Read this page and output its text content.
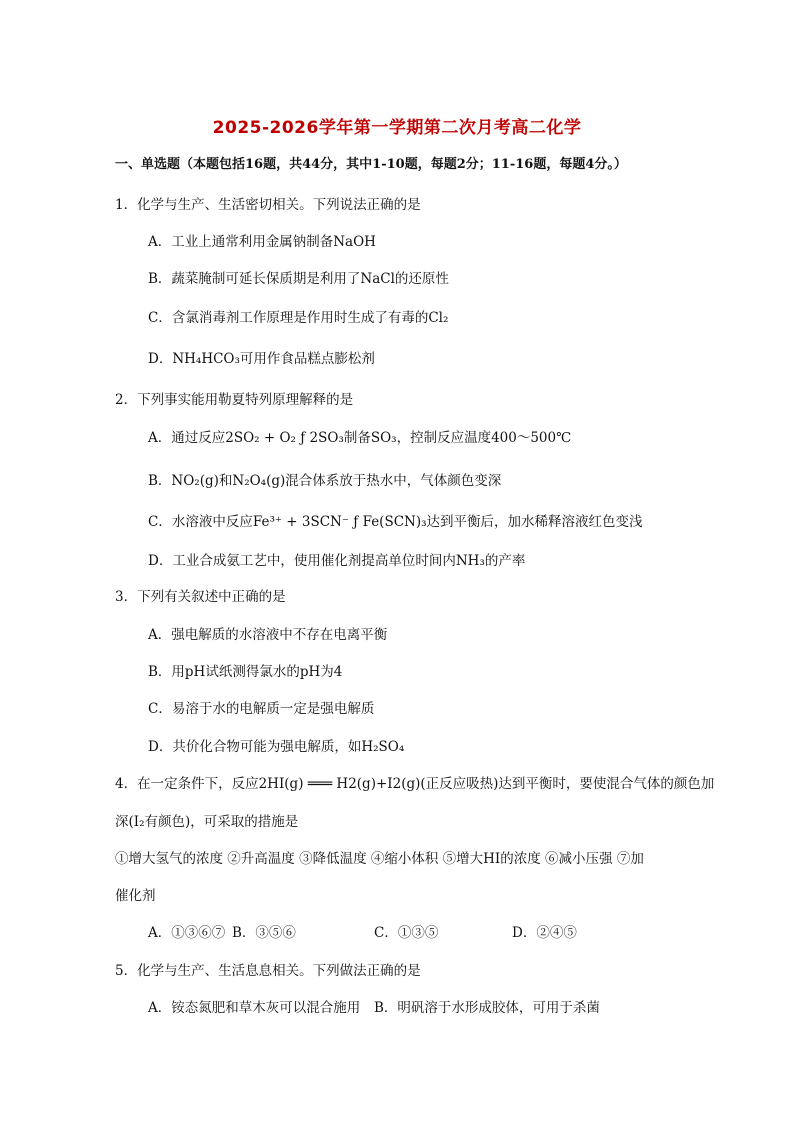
2025-2026学年第一学期第二次月考高二化学
一、单选题（本题包括16题，共44分，其中1-10题，每题2分；11-16题，每题4分。）
1．化学与生产、生活密切相关。下列说法正确的是
A．工业上通常利用金属钠制备NaOH
B．蔬菜腌制可延长保质期是利用了NaCl的还原性
C．含氯消毒剂工作原理是作用时生成了有毒的Cl₂
D．NH₄HCO₃可用作食品糕点膨松剂
2．下列事实能用勒夏特列原理解释的是
A．通过反应2SO₂ + O₂ ƒ 2SO₃制备SO₃，控制反应温度400～500℃
B．NO₂(g)和N₂O₄(g)混合体系放于热水中，气体颜色变深
C．水溶液中反应Fe³⁺ + 3SCN⁻ ƒ Fe(SCN)₃达到平衡后，加水稀释溶液红色变浅
D．工业合成氨工艺中，使用催化剂提高单位时间内NH₃的产率
3．下列有关叙述中正确的是
A．强电解质的水溶液中不存在电离平衡
B．用pH试纸测得氯水的pH为4
C．易溶于水的电解质一定是强电解质
D．共价化合物可能为强电解质，如H₂SO₄
4．在一定条件下，反应2HI(g) ═══ H2(g)+I2(g)(正反应吸热)达到平衡时，要使混合气体的颜色加
深(I₂有颜色)，可采取的措施是
①增大氢气的浓度 ②升高温度 ③降低温度 ④缩小体积 ⑤增大HI的浓度 ⑥减小压强 ⑦加
催化剂
A．①③⑥⑦ B．③⑤⑥	C．①③⑤	D．②④⑤
5．化学与生产、生活息息相关。下列做法正确的是
A．铵态氮肥和草木灰可以混合施用 B．明矾溶于水形成胶体，可用于杀菌
